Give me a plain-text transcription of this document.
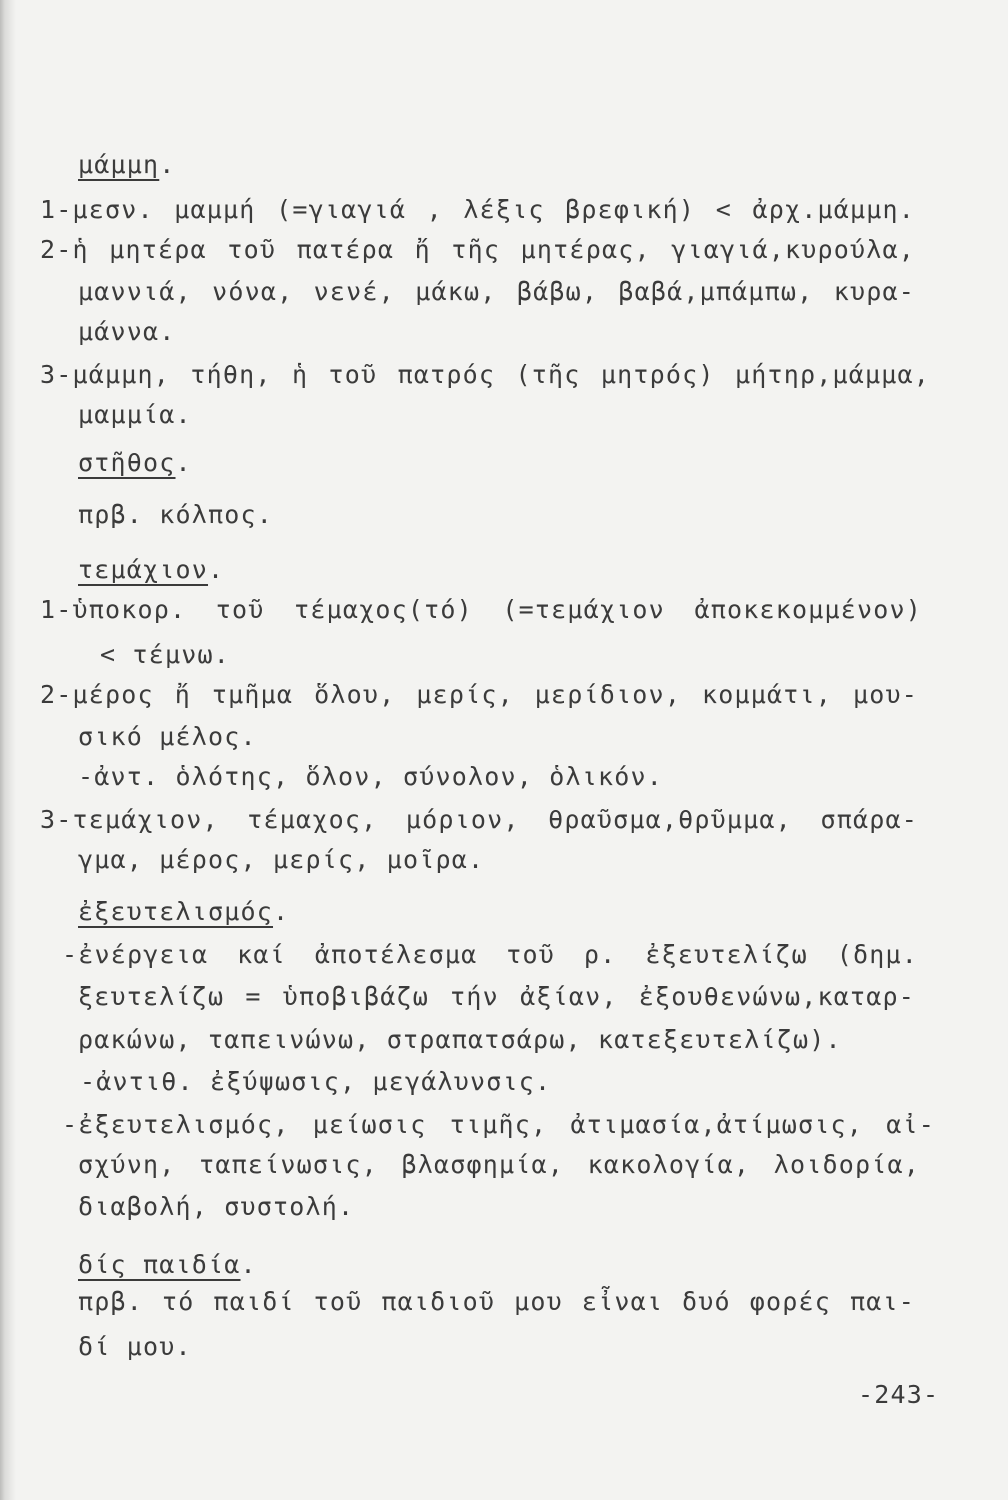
μάμμη.
1-μεσν. μαμμή (=γιαγιά , λέξις βρεφική) < ἀρχ.μάμμη.
2-ἡ μητέρα τοῦ πατέρα ἤ τῆς μητέρας, γιαγιά,κυρούλα,
μαννιά, νόνα, νενέ, μάκω, βάβω, βαβά,μπάμπω, κυρα-
μάννα.
3-μάμμη, τήθη, ἡ τοῦ πατρός (τῆς μητρός) μήτηρ,μάμμα,
μαμμία.
στῆθος.
πρβ. κόλπος.
τεμάχιον.
1-ὑποκορ. τοῦ τέμαχος(τό) (=τεμάχιον ἀποκεκομμένον)
< τέμνω.
2-μέρος ἤ τμῆμα ὅλου, μερίς, μερίδιον, κομμάτι, μου-
σικό μέλος.
-ἀντ. ὁλότης, ὅλον, σύνολον, ὁλικόν.
3-τεμάχιον, τέμαχος, μόριον, θραῦσμα,θρῦμμα, σπάρα-
γμα, μέρος, μερίς, μοῖρα.
ἐξευτελισμός.
-ἐνέργεια καί ἀποτέλεσμα τοῦ ρ. ἐξευτελίζω (δημ.
ξευτελίζω = ὑποβιβάζω τήν ἀξίαν, ἐξουθενώνω,καταρ-
ρακώνω, ταπεινώνω, στραπατσάρω, κατεξευτελίζω).
-ἀντιθ. ἐξύψωσις, μεγάλυνσις.
-ἐξευτελισμός, μείωσις τιμῆς, ἀτιμασία,ἀτίμωσις, αἰ-
σχύνη, ταπείνωσις, βλασφημία, κακολογία, λοιδορία,
διαβολή, συστολή.
δίς παιδία.
πρβ. τό παιδί τοῦ παιδιοῦ μου εἶναι δυό φορές παι-
δί μου.
-243-
